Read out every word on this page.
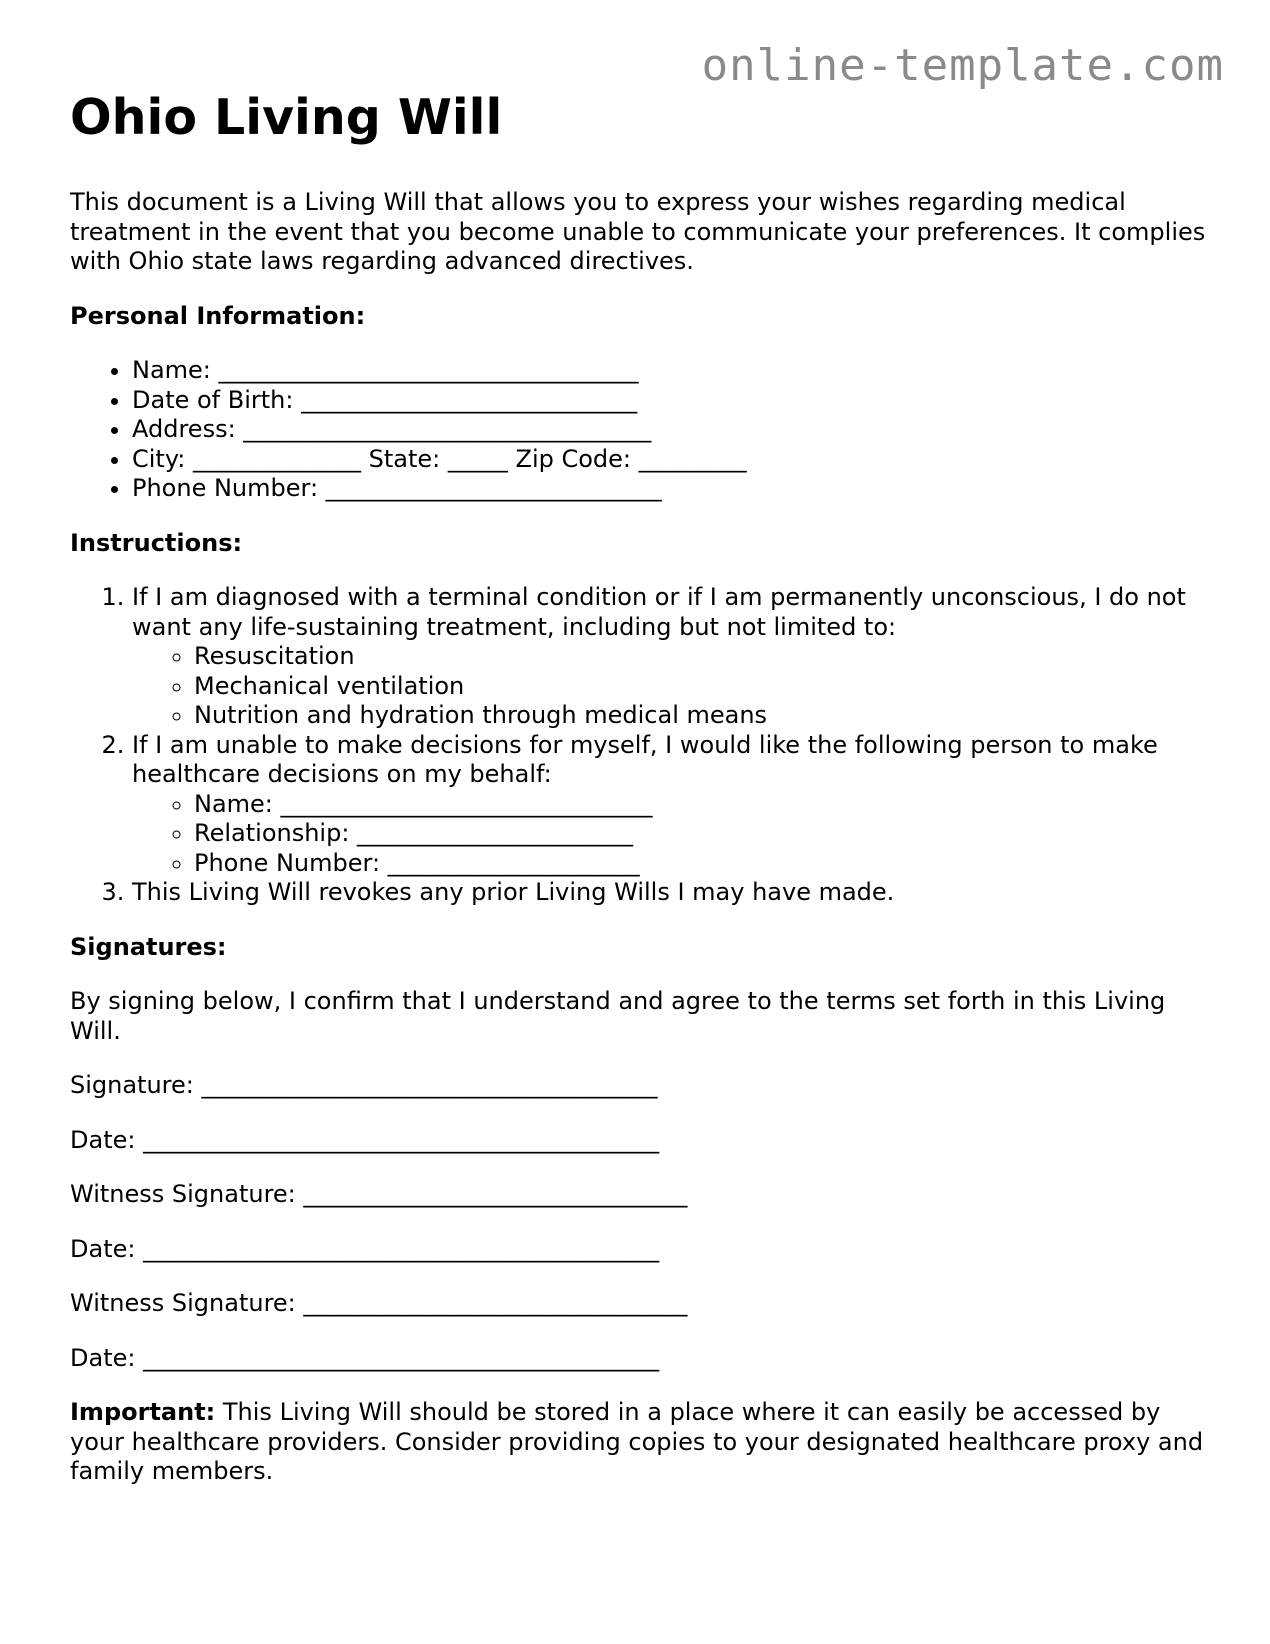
online-template.com
Ohio Living Will

This document is a Living Will that allows you to express your wishes regarding medical treatment in the event that you become unable to communicate your preferences. It complies with Ohio state laws regarding advanced directives.

Personal Information:
• Name: ___________________________________
• Date of Birth: ____________________________
• Address: __________________________________
• City: ______________ State: _____ Zip Code: _________
• Phone Number: ____________________________
Instructions:
1. If I am diagnosed with a terminal condition or if I am permanently unconscious, I do not want any life-sustaining treatment, including but not limited to:
◦ Resuscitation
◦ Mechanical ventilation
◦ Nutrition and hydration through medical means
2. If I am unable to make decisions for myself, I would like the following person to make healthcare decisions on my behalf:
◦ Name: _______________________________
◦ Relationship: _______________________
◦ Phone Number: _____________________
3. This Living Will revokes any prior Living Wills I may have made.
Signatures:

By signing below, I confirm that I understand and agree to the terms set forth in this Living Will.

Signature: ______________________________________
Date: ___________________________________________
Witness Signature: ________________________________
Date: ___________________________________________
Witness Signature: ________________________________
Date: ___________________________________________

Important: This Living Will should be stored in a place where it can easily be accessed by your healthcare providers. Consider providing copies to your designated healthcare proxy and family members.
